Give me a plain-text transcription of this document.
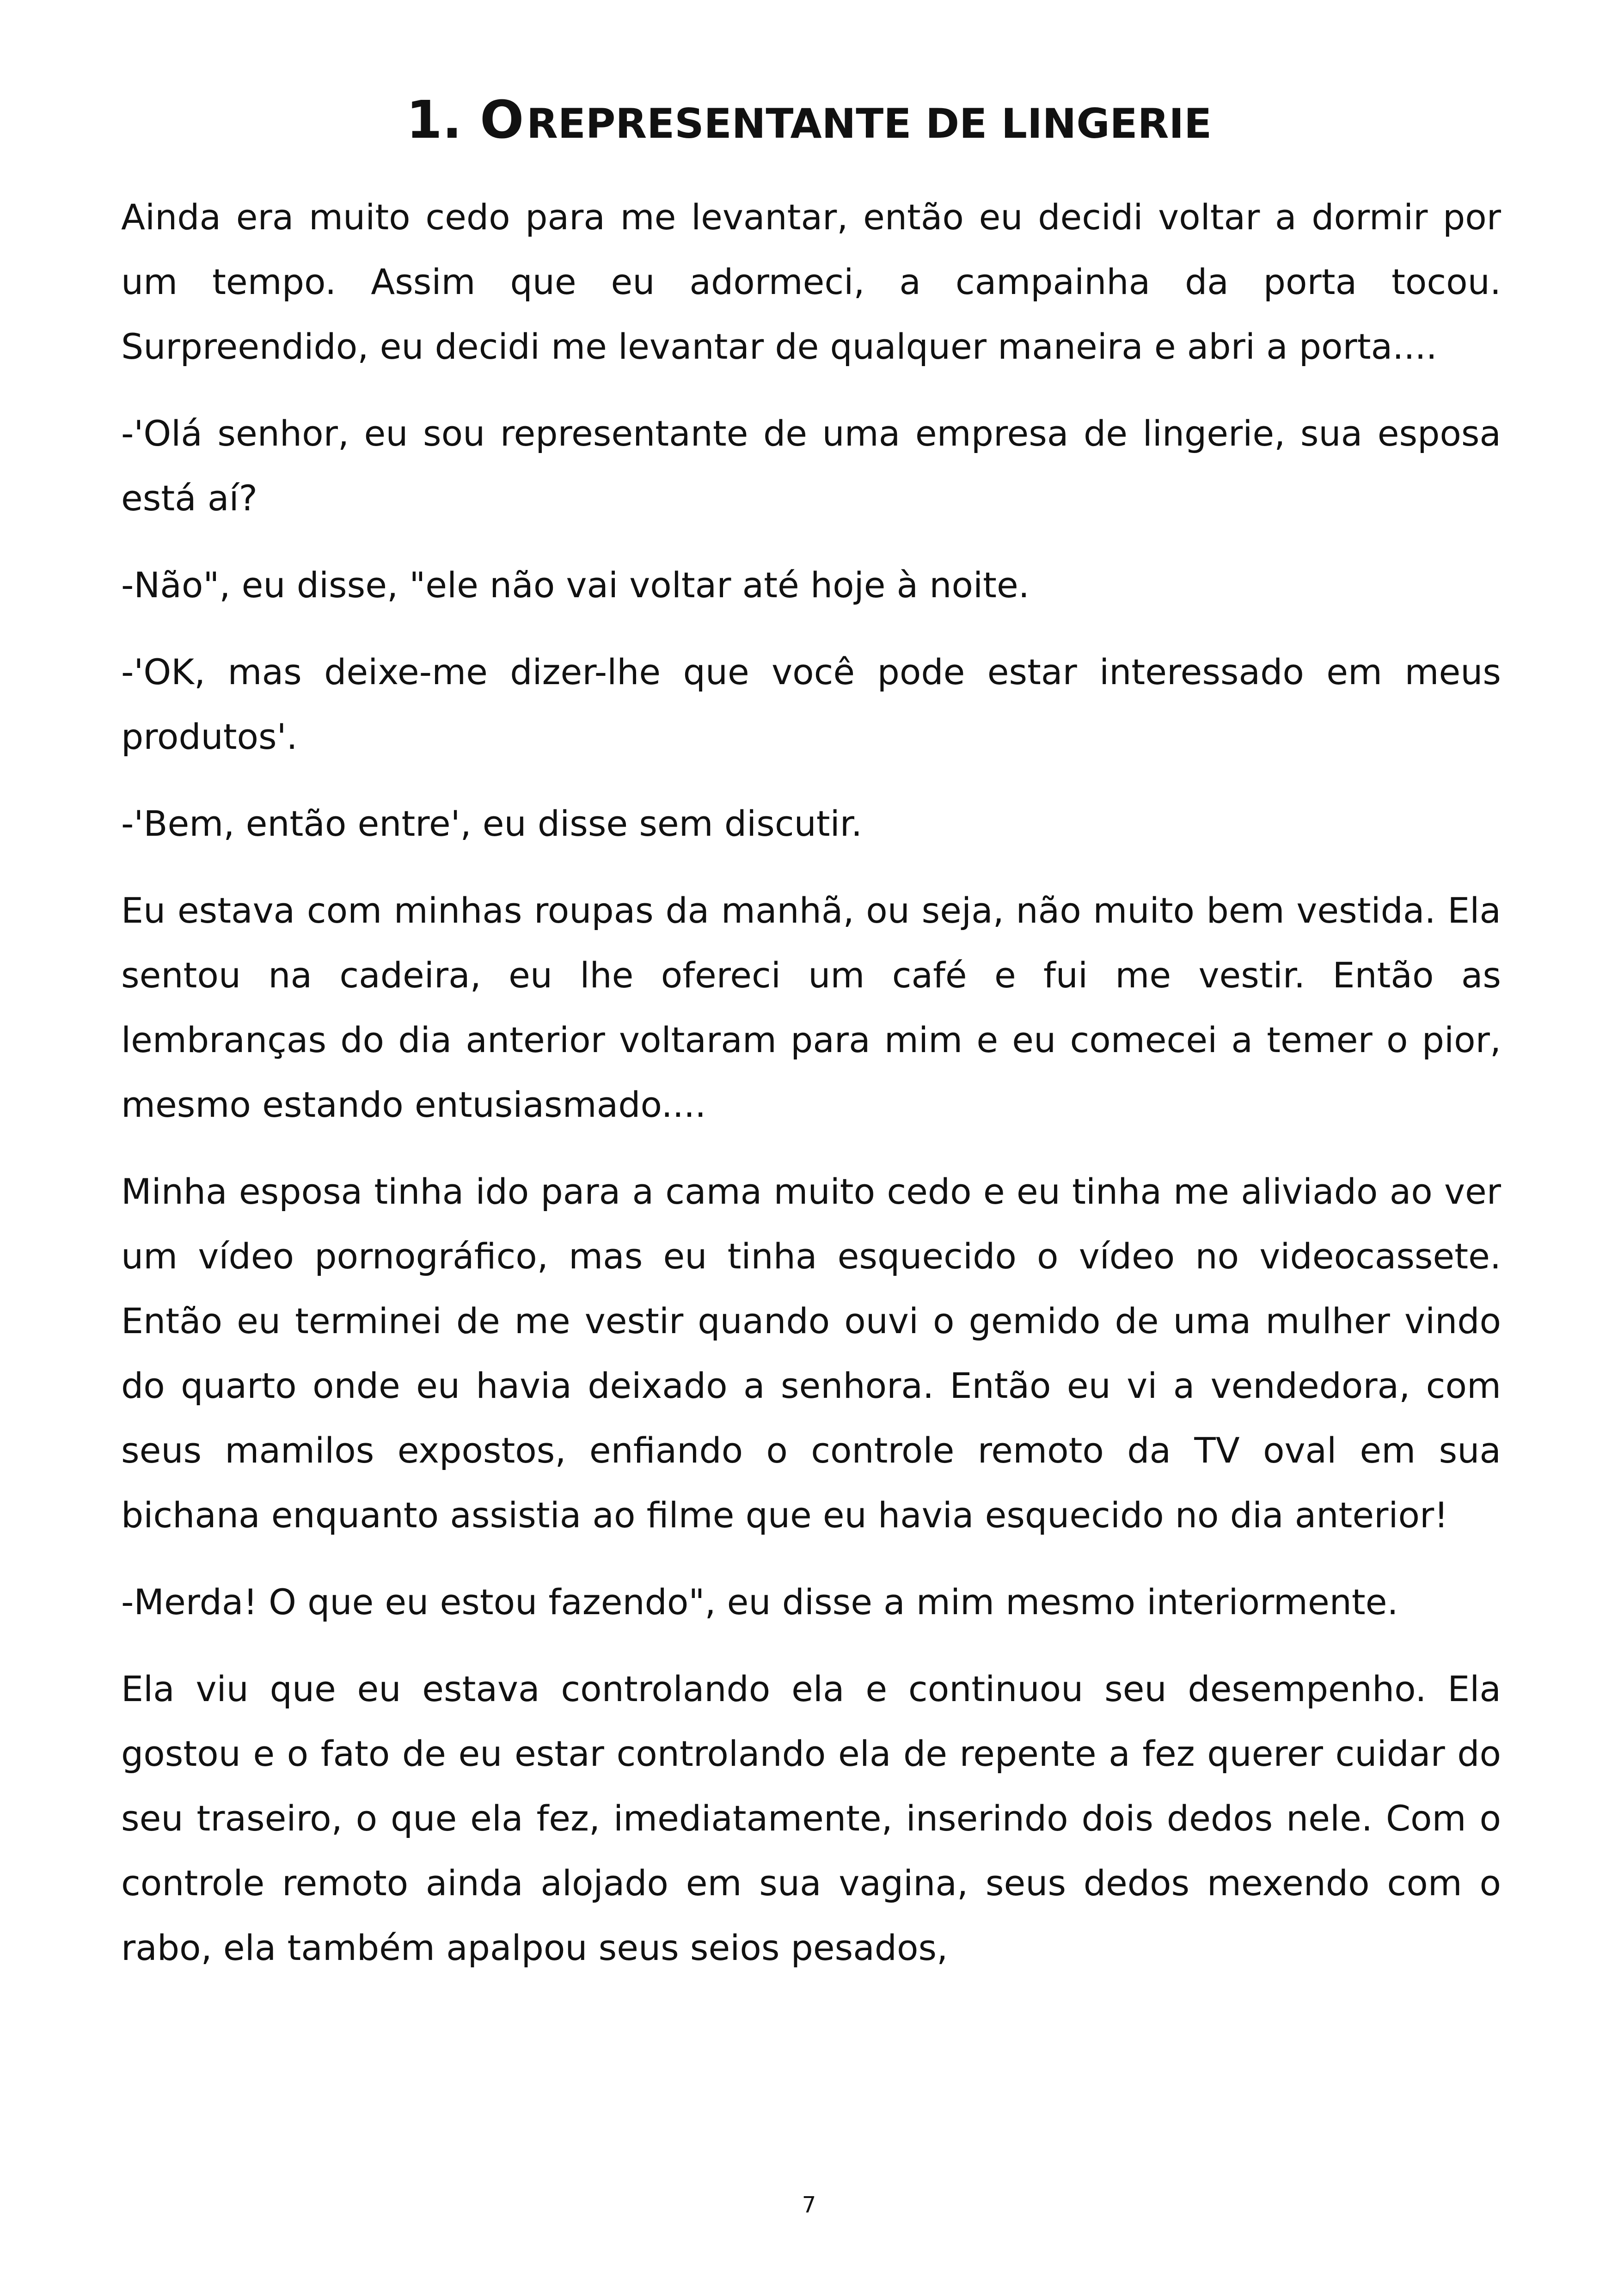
1. O REPRESENTANTE DE LINGERIE

Ainda era muito cedo para me levantar, então eu decidi voltar a dormir por um tempo. Assim que eu adormeci, a campainha da porta tocou. Surpreendido, eu decidi me levantar de qualquer maneira e abri a porta....

-'Olá senhor, eu sou representante de uma empresa de lingerie, sua esposa está aí?

-Não", eu disse, "ele não vai voltar até hoje à noite.

-'OK, mas deixe-me dizer-lhe que você pode estar interessado em meus produtos'.

-'Bem, então entre', eu disse sem discutir.

Eu estava com minhas roupas da manhã, ou seja, não muito bem vestida. Ela sentou na cadeira, eu lhe ofereci um café e fui me vestir. Então as lembranças do dia anterior voltaram para mim e eu comecei a temer o pior, mesmo estando entusiasmado....

Minha esposa tinha ido para a cama muito cedo e eu tinha me aliviado ao ver um vídeo pornográfico, mas eu tinha esquecido o vídeo no videocassete. Então eu terminei de me vestir quando ouvi o gemido de uma mulher vindo do quarto onde eu havia deixado a senhora. Então eu vi a vendedora, com seus mamilos expostos, enfiando o controle remoto da TV oval em sua bichana enquanto assistia ao filme que eu havia esquecido no dia anterior!

-Merda! O que eu estou fazendo", eu disse a mim mesmo interiormente.

Ela viu que eu estava controlando ela e continuou seu desempenho. Ela gostou e o fato de eu estar controlando ela de repente a fez querer cuidar do seu traseiro, o que ela fez, imediatamente, inserindo dois dedos nele. Com o controle remoto ainda alojado em sua vagina, seus dedos mexendo com o rabo, ela também apalpou seus seios pesados,

7
